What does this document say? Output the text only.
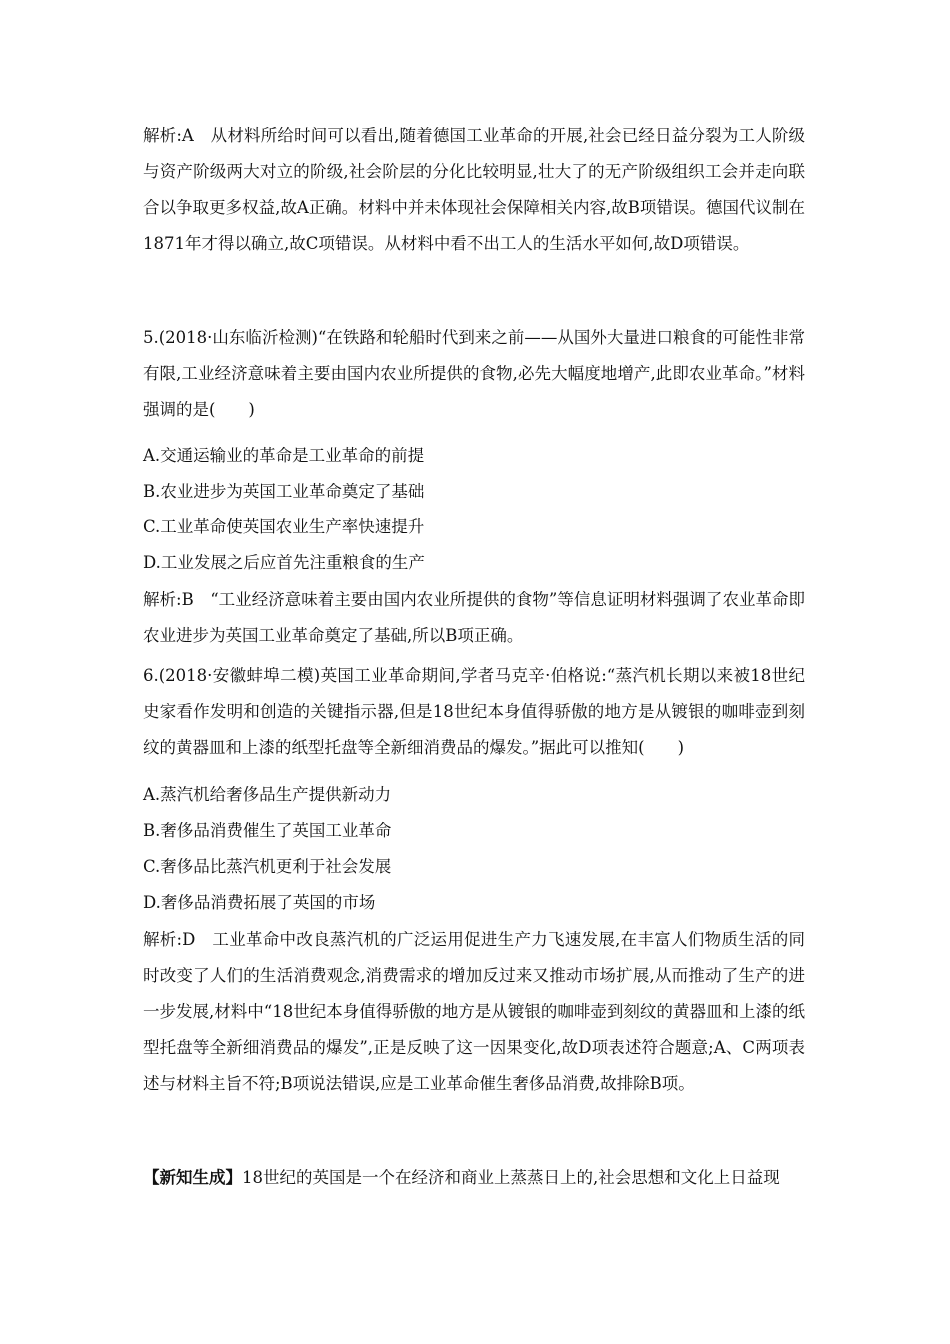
解析:A　从材料所给时间可以看出,随着德国工业革命的开展,社会已经日益分裂为工人阶级与资产阶级两大对立的阶级,社会阶层的分化比较明显,壮大了的无产阶级组织工会并走向联合以争取更多权益,故A正确。材料中并未体现社会保障相关内容,故B项错误。德国代议制在1871年才得以确立,故C项错误。从材料中看不出工人的生活水平如何,故D项错误。
5.(2018·山东临沂检测)“在铁路和轮船时代到来之前——从国外大量进口粮食的可能性非常有限,工业经济意味着主要由国内农业所提供的食物,必先大幅度地增产,此即农业革命。”材料强调的是(　　)
A.交通运输业的革命是工业革命的前提
B.农业进步为英国工业革命奠定了基础
C.工业革命使英国农业生产率快速提升
D.工业发展之后应首先注重粮食的生产
解析:B　“工业经济意味着主要由国内农业所提供的食物”等信息证明材料强调了农业革命即农业进步为英国工业革命奠定了基础,所以B项正确。
6.(2018·安徽蚌埠二模)英国工业革命期间,学者马克辛·伯格说:“蒸汽机长期以来被18世纪史家看作发明和创造的关键指示器,但是18世纪本身值得骄傲的地方是从镀银的咖啡壶到刻纹的黄器皿和上漆的纸型托盘等全新细消费品的爆发。”据此可以推知(　　)
A.蒸汽机给奢侈品生产提供新动力
B.奢侈品消费催生了英国工业革命
C.奢侈品比蒸汽机更利于社会发展
D.奢侈品消费拓展了英国的市场
解析:D　工业革命中改良蒸汽机的广泛运用促进生产力飞速发展,在丰富人们物质生活的同时改变了人们的生活消费观念,消费需求的增加反过来又推动市场扩展,从而推动了生产的进一步发展,材料中“18世纪本身值得骄傲的地方是从镀银的咖啡壶到刻纹的黄器皿和上漆的纸型托盘等全新细消费品的爆发”,正是反映了这一因果变化,故D项表述符合题意;A、C两项表述与材料主旨不符;B项说法错误,应是工业革命催生奢侈品消费,故排除B项。
【新知生成】18世纪的英国是一个在经济和商业上蒸蒸日上的,社会思想和文化上日益现
